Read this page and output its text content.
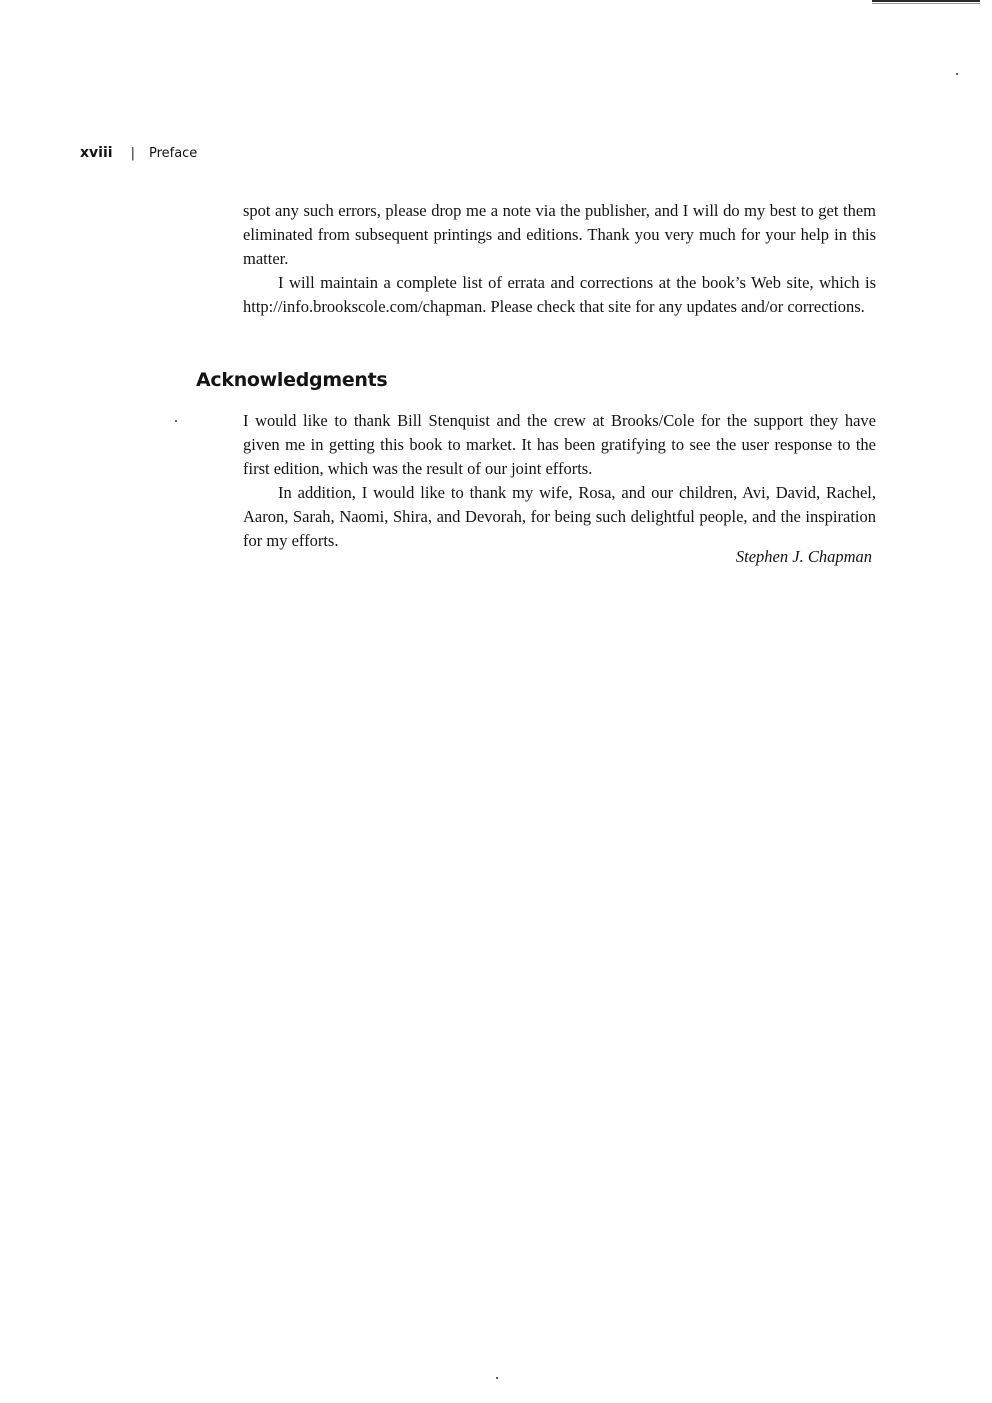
xviii | Preface

spot any such errors, please drop me a note via the publisher, and I will do my best to get them eliminated from subsequent printings and editions. Thank you very much for your help in this matter.

I will maintain a complete list of errata and corrections at the book’s Web site, which is http://info.brookscole.com/chapman. Please check that site for any updates and/or corrections.

Acknowledgments

I would like to thank Bill Stenquist and the crew at Brooks/Cole for the support they have given me in getting this book to market. It has been gratifying to see the user response to the first edition, which was the result of our joint efforts.

In addition, I would like to thank my wife, Rosa, and our children, Avi, David, Rachel, Aaron, Sarah, Naomi, Shira, and Devorah, for being such delightful people, and the inspiration for my efforts.

Stephen J. Chapman
